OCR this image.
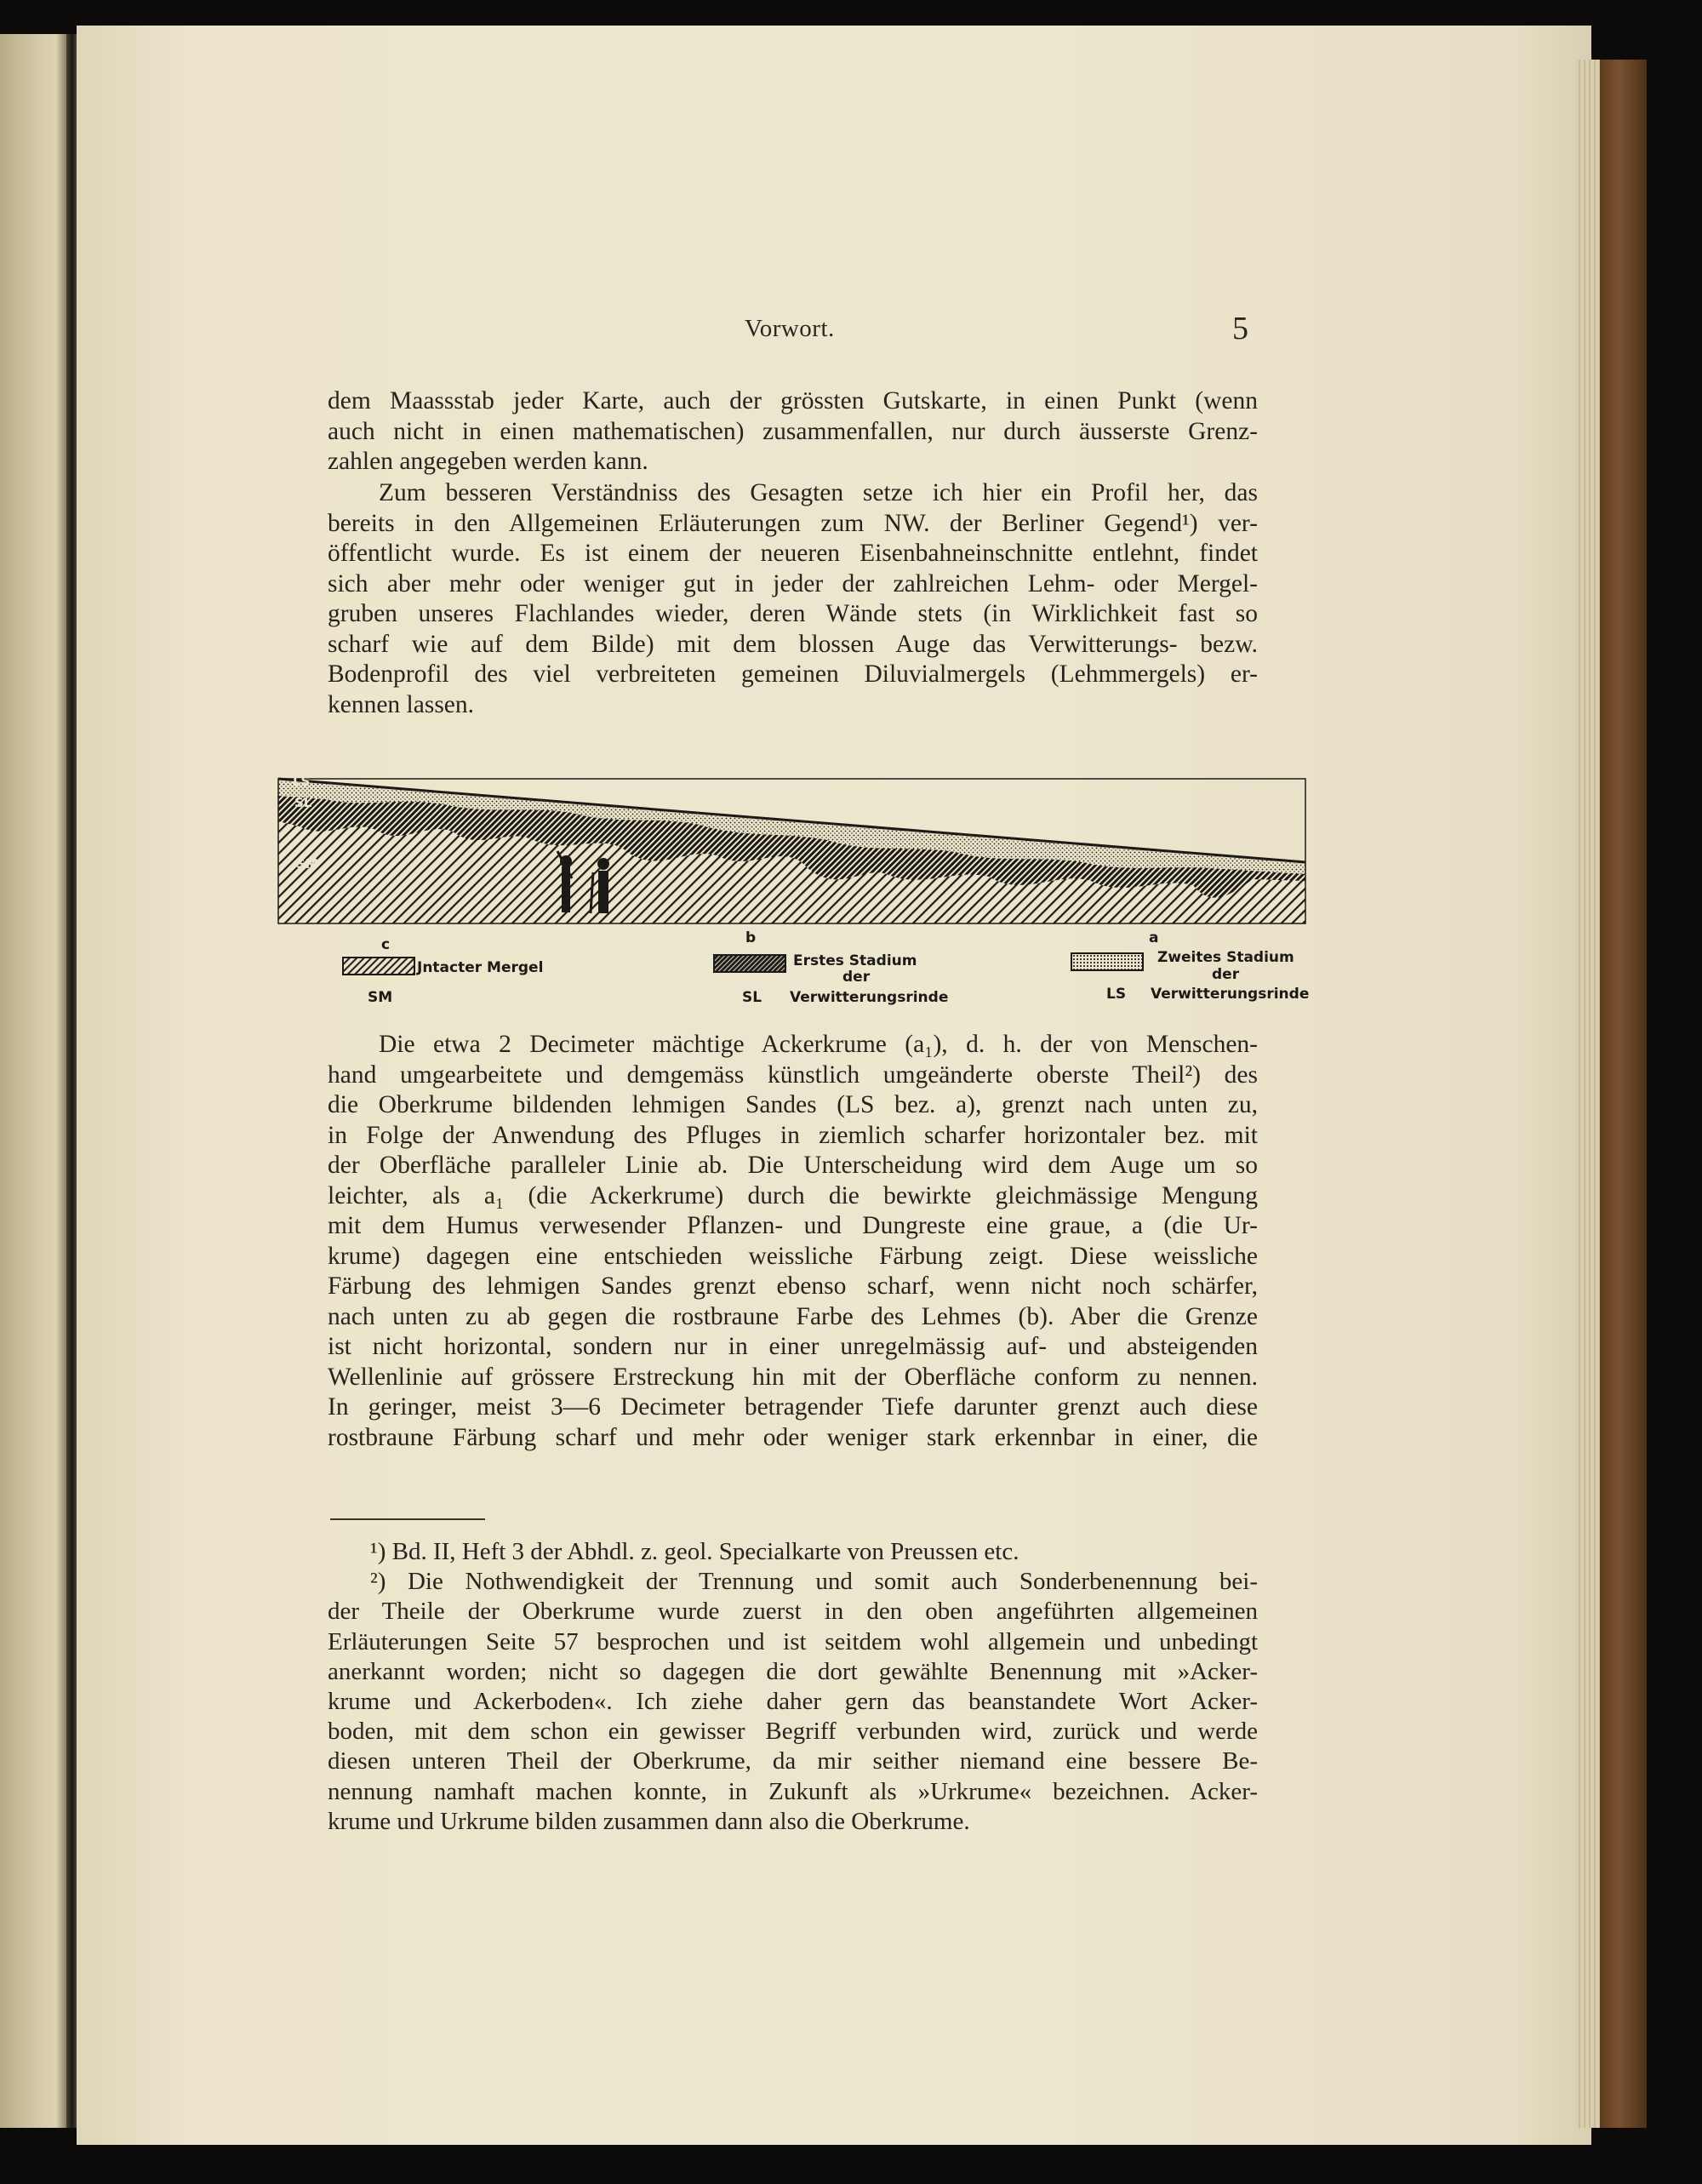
Vorwort.	5
dem Maassstab jeder Karte, auch der grössten Gutskarte, in einen Punkt (wenn
auch nicht in einen mathematischen) zusammenfallen, nur durch äusserste Grenz-
zahlen angegeben werden kann.
Zum besseren Verständniss des Gesagten setze ich hier ein Profil her, das
bereits in den Allgemeinen Erläuterungen zum NW. der Berliner Gegend¹) ver-
öffentlicht wurde. Es ist einem der neueren Eisenbahneinschnitte entlehnt, findet
sich aber mehr oder weniger gut in jeder der zahlreichen Lehm- oder Mergel-
gruben unseres Flachlandes wieder, deren Wände stets (in Wirklichkeit fast so
scharf wie auf dem Bilde) mit dem blossen Auge das Verwitterungs- bezw.
Bodenprofil des viel verbreiteten gemeinen Diluvialmergels (Lehmmergels) er-
kennen lassen.
LS
SL
SM
c
Jntacter Mergel
SM
b
Erstes Stadium
der
Verwitterungsrinde
SL
a
Zweites Stadium
der
Verwitterungsrinde
LS
Die etwa 2 Decimeter mächtige Ackerkrume (a₁), d. h. der von Menschen-
hand umgearbeitete und demgemäss künstlich umgeänderte oberste Theil²) des
die Oberkrume bildenden lehmigen Sandes (LS bez. a), grenzt nach unten zu,
in Folge der Anwendung des Pfluges in ziemlich scharfer horizontaler bez. mit
der Oberfläche paralleler Linie ab. Die Unterscheidung wird dem Auge um so
leichter, als a₁ (die Ackerkrume) durch die bewirkte gleichmässige Mengung
mit dem Humus verwesender Pflanzen- und Dungreste eine graue, a (die Ur-
krume) dagegen eine entschieden weissliche Färbung zeigt. Diese weissliche
Färbung des lehmigen Sandes grenzt ebenso scharf, wenn nicht noch schärfer,
nach unten zu ab gegen die rostbraune Farbe des Lehmes (b). Aber die Grenze
ist nicht horizontal, sondern nur in einer unregelmässig auf- und absteigenden
Wellenlinie auf grössere Erstreckung hin mit der Oberfläche conform zu nennen.
In geringer, meist 3—6 Decimeter betragender Tiefe darunter grenzt auch diese
rostbraune Färbung scharf und mehr oder weniger stark erkennbar in einer, die
¹) Bd. II, Heft 3 der Abhdl. z. geol. Specialkarte von Preussen etc.
²) Die Nothwendigkeit der Trennung und somit auch Sonderbenennung bei-
der Theile der Oberkrume wurde zuerst in den oben angeführten allgemeinen
Erläuterungen Seite 57 besprochen und ist seitdem wohl allgemein und unbedingt
anerkannt worden; nicht so dagegen die dort gewählte Benennung mit »Acker-
krume und Ackerboden«. Ich ziehe daher gern das beanstandete Wort Acker-
boden, mit dem schon ein gewisser Begriff verbunden wird, zurück und werde
diesen unteren Theil der Oberkrume, da mir seither niemand eine bessere Be-
nennung namhaft machen konnte, in Zukunft als »Urkrume« bezeichnen. Acker-
krume und Urkrume bilden zusammen dann also die Oberkrume.
